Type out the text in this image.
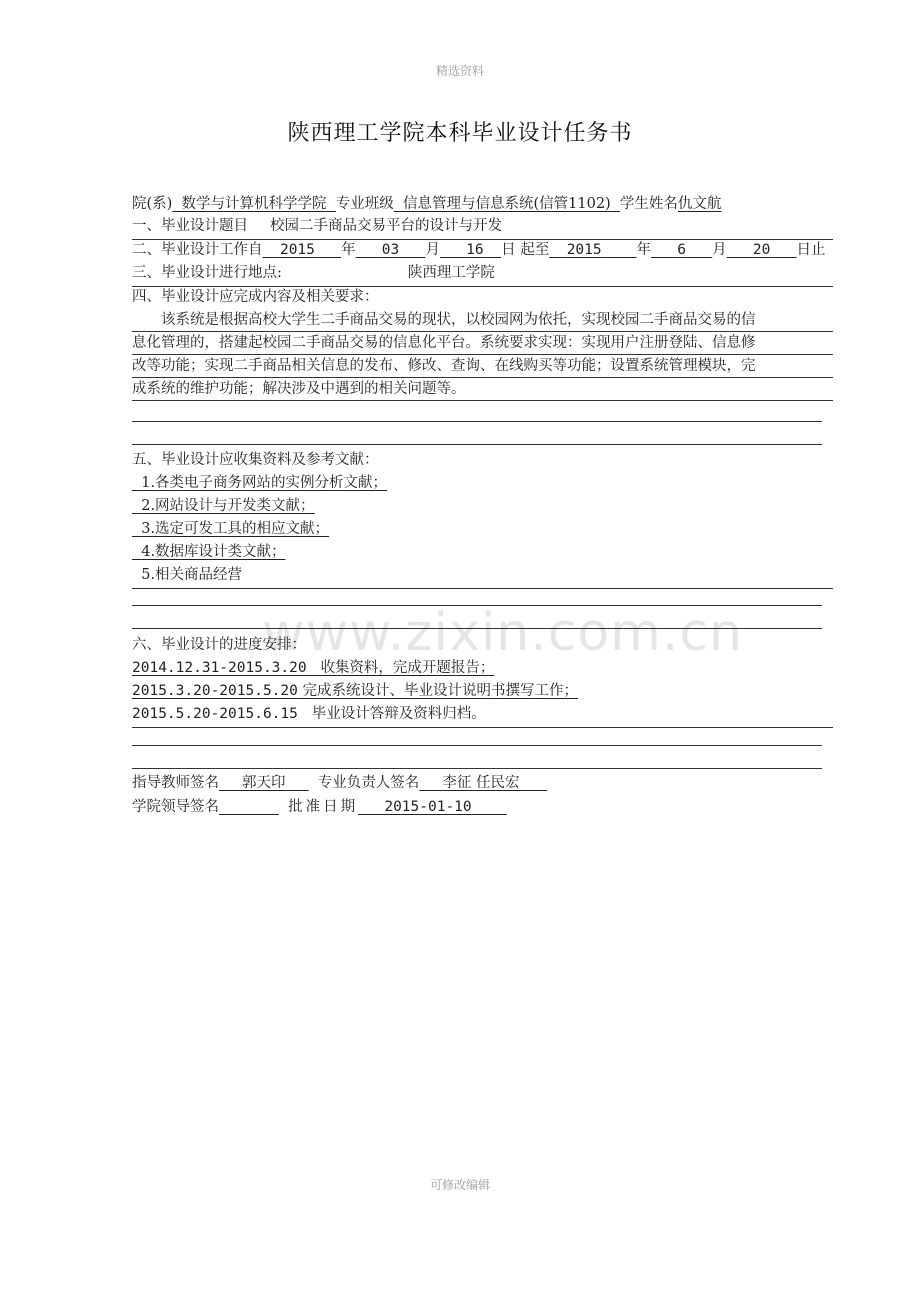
精选资料
www.zixin.com.cn
陕西理工学院本科毕业设计任务书
院(系) 数学与计算机科学学院 专业班级 信息管理与信息系统(信管1102) 学生姓名仇文航
一、毕业设计题目 校园二手商品交易平台的设计与开发
二、毕业设计工作自 2015 年 03 月 16 日 起至 2015 年 6 月 20 日止
三、毕业设计进行地点:	陕西理工学院
四、毕业设计应完成内容及相关要求：
　　该系统是根据高校大学生二手商品交易的现状，以校园网为依托，实现校园二手商品交易的信
息化管理的，搭建起校园二手商品交易的信息化平台。系统要求实现：实现用户注册登陆、信息修
改等功能；实现二手商品相关信息的发布、修改、查询、在线购买等功能；设置系统管理模块，完
成系统的维护功能；解决涉及中遇到的相关问题等。
五、毕业设计应收集资料及参考文献：
1.各类电子商务网站的实例分析文献；
2.网站设计与开发类文献；
3.选定可发工具的相应文献；
4.数据库设计类文献；
5.相关商品经营
六、毕业设计的进度安排：
2014.12.31-2015.3.20 收集资料，完成开题报告；
2015.3.20-2015.5.20 完成系统设计、毕业设计说明书撰写工作；
2015.5.20-2015.6.15 毕业设计答辩及资料归档。
指导教师签名 郭天印 专业负责人签名 李征 任民宏
学院领导签名	批准日期 2015-01-10
可修改编辑
